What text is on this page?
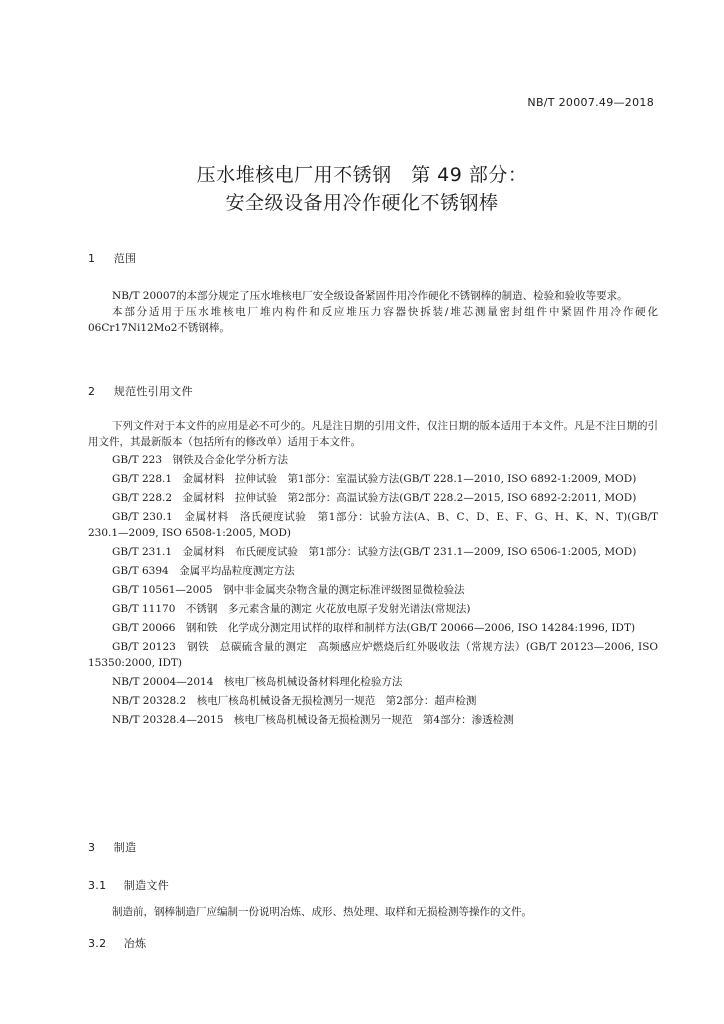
NB/T 20007.49—2018
压水堆核电厂用不锈钢　第 49 部分：
安全级设备用冷作硬化不锈钢棒
1 范围
NB/T 20007的本部分规定了压水堆核电厂安全级设备紧固件用冷作硬化不锈钢棒的制造、检验和验收等要求。
本部分适用于压水堆核电厂堆内构件和反应堆压力容器快拆装/堆芯测量密封组件中紧固件用冷作硬化06Cr17Ni12Mo2不锈钢棒。
2 规范性引用文件
下列文件对于本文件的应用是必不可少的。凡是注日期的引用文件，仅注日期的版本适用于本文件。凡是不注日期的引用文件，其最新版本（包括所有的修改单）适用于本文件。
GB/T 223　钢铁及合金化学分析方法
GB/T 228.1　金属材料　拉伸试验　第1部分：室温试验方法(GB/T 228.1—2010, ISO 6892-1:2009, MOD)
GB/T 228.2　金属材料　拉伸试验　第2部分：高温试验方法(GB/T 228.2—2015, ISO 6892-2:2011, MOD)
GB/T 230.1　金属材料　洛氏硬度试验　第1部分：试验方法(A、B、C、D、E、F、G、H、K、N、T)(GB/T 230.1—2009, ISO 6508-1:2005, MOD)
GB/T 231.1　金属材料　布氏硬度试验　第1部分：试验方法(GB/T 231.1—2009, ISO 6506-1:2005, MOD)
GB/T 6394　金属平均晶粒度测定方法
GB/T 10561—2005　钢中非金属夹杂物含量的测定标准评级图显微检验法
GB/T 11170　不锈钢　多元素含量的测定 火花放电原子发射光谱法(常规法)
GB/T 20066　钢和铁　化学成分测定用试样的取样和制样方法(GB/T 20066—2006, ISO 14284:1996, IDT)
GB/T 20123　钢铁　总碳硫含量的测定　高频感应炉燃烧后红外吸收法（常规方法）(GB/T 20123—2006, ISO 15350:2000, IDT)
NB/T 20004—2014　核电厂核岛机械设备材料理化检验方法
NB/T 20328.2　核电厂核岛机械设备无损检测另一规范　第2部分：超声检测
NB/T 20328.4—2015　核电厂核岛机械设备无损检测另一规范　第4部分：渗透检测
3 制造
3.1 制造文件
制造前，钢棒制造厂应编制一份说明冶炼、成形、热处理、取样和无损检测等操作的文件。
3.2 冶炼
